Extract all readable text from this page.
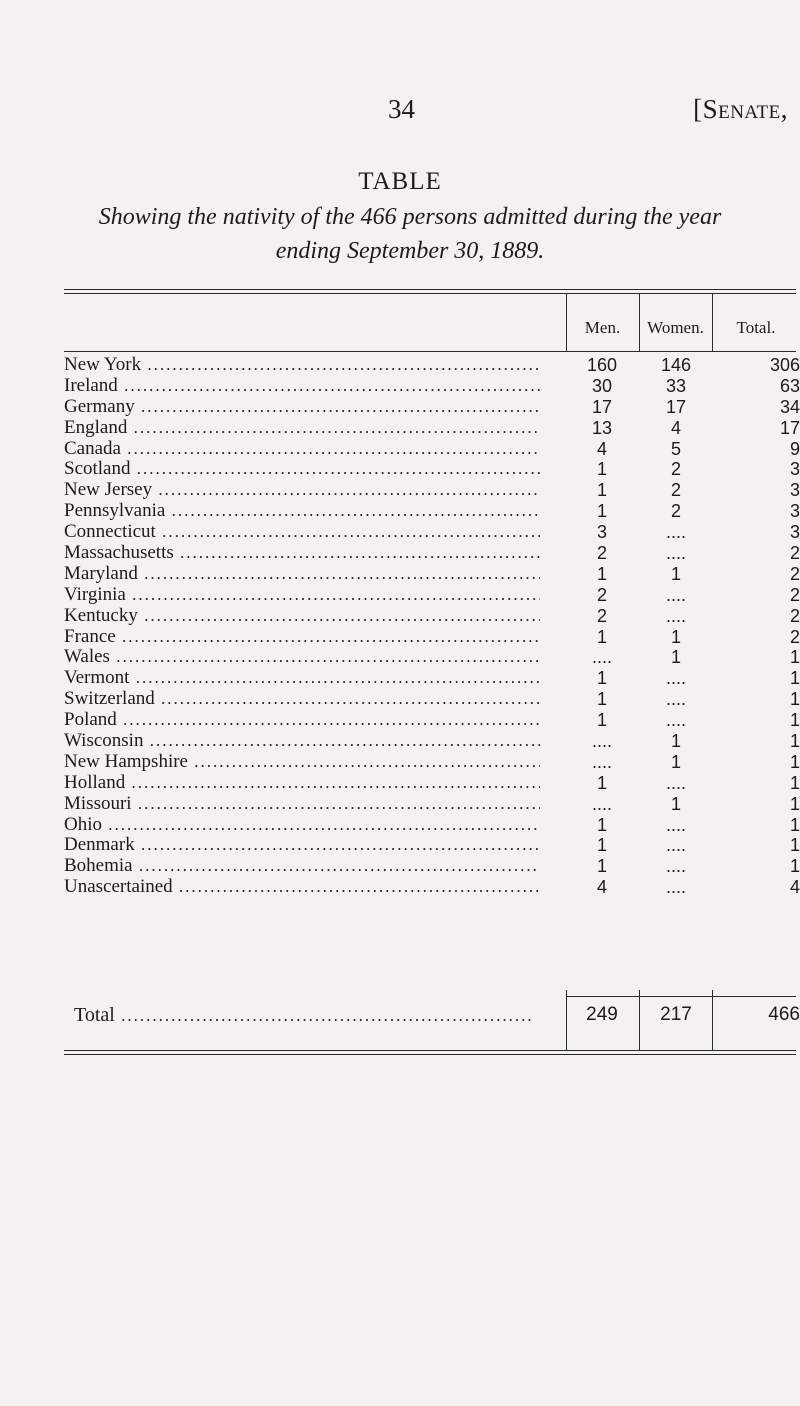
34	[Senate,
TABLE
Showing the nativity of the 466 persons admitted during the year
ending September 30, 1889.
Men.	Women.	Total.
New York .....	160	146	306
Ireland .....	30	33	63
Germany .....	17	17	34
England .....	13	4	17
Canada .....	4	5	9
Scotland .....	1	2	3
New Jersey .....	1	2	3
Pennsylvania .....	1	2	3
Connecticut .....	3	....	3
Massachusetts .....	2	....	2
Maryland .....	1	1	2
Virginia .....	2	....	2
Kentucky .....	2	....	2
France .....	1	1	2
Wales .....	....	1	1
Vermont .....	1	....	1
Switzerland .....	1	....	1
Poland .....	1	....	1
Wisconsin .....	....	1	1
New Hampshire .....	....	1	1
Holland .....	1	....	1
Missouri .....	....	1	1
Ohio .....	1	....	1
Denmark .....	1	....	1
Bohemia .....	1	....	1
Unascertained .....	4	....	4
Total .....	249	217	466
